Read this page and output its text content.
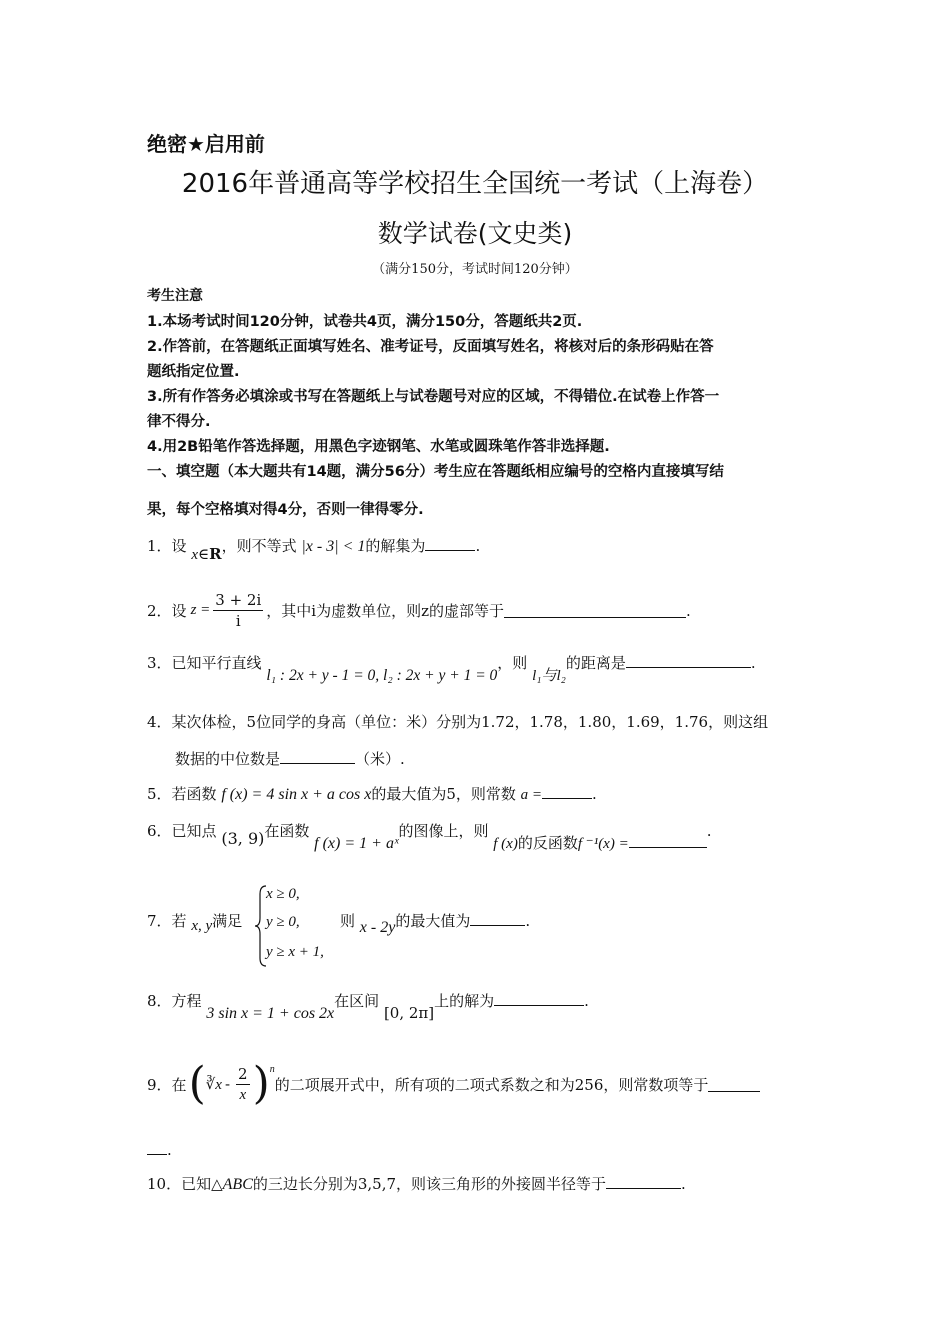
绝密★启用前
2016年普通高等学校招生全国统一考试（上海卷）
数学试卷(文史类)
（满分150分，考试时间120分钟）
考生注意
1.本场考试时间120分钟，试卷共4页，满分150分，答题纸共2页.
2.作答前，在答题纸正面填写姓名、准考证号，反面填写姓名，将核对后的条形码贴在答
题纸指定位置.
3.所有作答务必填涂或书写在答题纸上与试卷题号对应的区域，不得错位.在试卷上作答一
律不得分.
4.用2B铅笔作答选择题，用黑色字迹钢笔、水笔或圆珠笔作答非选择题.
一、填空题（本大题共有14题，满分56分）考生应在答题纸相应编号的空格内直接填写结
果，每个空格填对得4分，否则一律得零分.
1．设 x∈R，则不等式 |x - 3| < 1的解集为	.
2． 设 $z = \frac{3 + 2i}{i}$ ，其中 i 为虚数单位，则 z 的虚部等于	.
3．已知平行直线 l₁ : 2x + y - 1 = 0, l₂ : 2x + y + 1 = 0，则 l₁与l₂的距离是	.
4．某次体检，5位同学的身高（单位：米）分别为1.72，1.78，1.80，1.69，1.76，则这组
数据的中位数是	（米）.
5．若函数 f (x) = 4 sin x + a cos x的最大值为5，则常数 a =	.
6．已知点 (3, 9)在函数 f (x) = 1 + aˣ的图像上，则 f (x)的反函数f ⁻¹(x) =.
7．若 x, y满足
x ≥ 0,
y ≥ 0,
y ≥ x + 1,
则 x - 2y的最大值为	.
8．方程 3 sin x = 1 + cos 2x在区间 [0, 2π]上的解为	.
9． 在 ( ∛x - $\frac{2}{x}$ ) n
的二项展开式中，所有项的二项式系数之和为256，则常数项等于
.
10．已知△ABC的三边长分别为3,5,7，则该三角形的外接圆半径等于	.
